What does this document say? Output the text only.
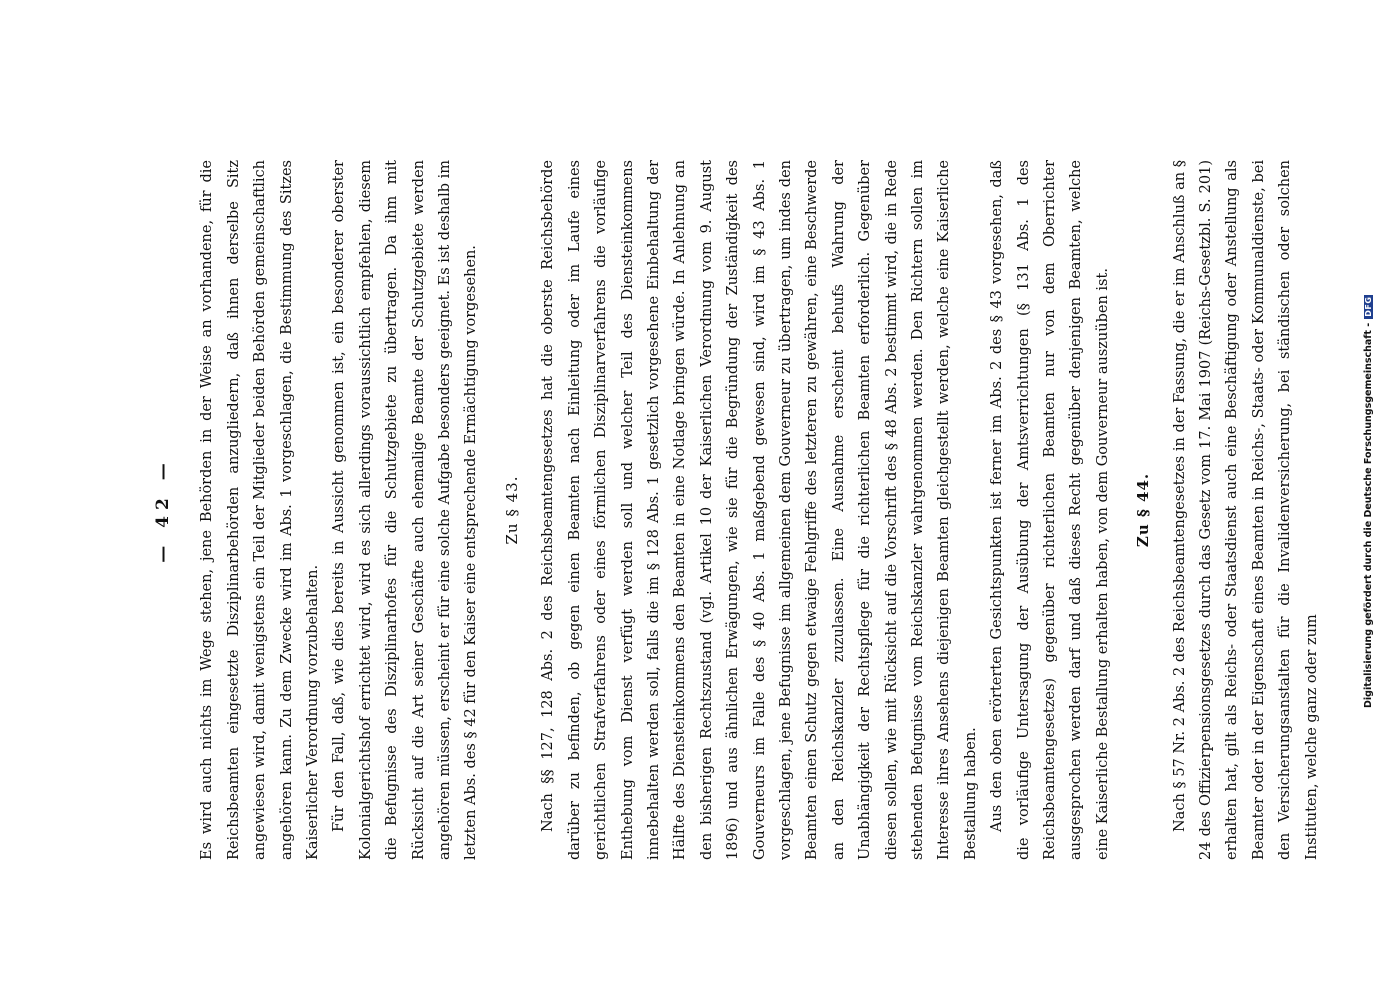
— 42 —	Es wird auch nichts im Wege stehen, jene Behörden in der Weise an vorhandene, für die Reichsbeamten eingesetzte Disziplinarbehörden anzugliedern, daß ihnen derselbe Sitz angewiesen wird, damit wenigstens ein Teil der Mitglieder beiden Behörden gemeinschaftlich angehören kann. Zu dem Zwecke wird im Abs. 1 vorgeschlagen, die Bestimmung des Sitzes Kaiserlicher Verordnung vorzubehalten. Für den Fall, daß, wie dies bereits in Aussicht genommen ist, ein besonderer oberster Kolonialgerichtshof errichtet wird, wird es sich allerdings voraussichtlich empfehlen, diesem die Befugnisse des Disziplinarhofes für die Schutzgebiete zu übertragen. Da ihm mit Rücksicht auf die Art seiner Geschäfte auch ehemalige Beamte der Schutzgebiete werden angehören müssen, erscheint er für eine solche Aufgabe besonders geeignet. Es ist deshalb im letzten Abs. des § 42 für den Kaiser eine entsprechende Ermächtigung vorgesehen.	Zu § 43.	Nach §§ 127, 128 Abs. 2 des Reichsbeamtengesetzes hat die oberste Reichsbehörde darüber zu befinden, ob gegen einen Beamten nach Einleitung oder im Laufe eines gerichtlichen Strafverfahrens oder eines förmlichen Disziplinarverfahrens die vorläufige Enthebung vom Dienst verfügt werden soll und welcher Teil des Diensteinkommens innebehalten werden soll, falls die im § 128 Abs. 1 gesetzlich vorgesehene Einbehaltung der Hälfte des Diensteinkommens den Beamten in eine Notlage bringen würde. In Anlehnung an den bisherigen Rechtszustand (vgl. Artikel 10 der Kaiserlichen Verordnung vom 9. August 1896) und aus ähnlichen Erwägungen, wie sie für die Begründung der Zuständigkeit des Gouverneurs im Falle des § 40 Abs. 1 maßgebend gewesen sind, wird im § 43 Abs. 1 vorgeschlagen, jene Befugnisse im allgemeinen dem Gouverneur zu übertragen, um indes den Beamten einen Schutz gegen etwaige Fehlgriffe des letzteren zu gewähren, eine Beschwerde an den Reichskanzler zuzulassen. Eine Ausnahme erscheint behufs Wahrung der Unabhängigkeit der Rechtspflege für die richterlichen Beamten erforderlich. Gegenüber diesen sollen, wie mit Rücksicht auf die Vorschrift des § 48 Abs. 2 bestimmt wird, die in Rede stehenden Befugnisse vom Reichskanzler wahrgenommen werden. Den Richtern sollen im Interesse ihres Ansehens diejenigen Beamten gleichgestellt werden, welche eine Kaiserliche Bestallung haben. Aus den oben erörterten Gesichtspunkten ist ferner im Abs. 2 des § 43 vorgesehen, daß die vorläufige Untersagung der Ausübung der Amtsverrichtungen (§ 131 Abs. 1 des Reichsbeamtengesetzes) gegenüber richterlichen Beamten nur von dem Oberrichter ausgesprochen werden darf und daß dieses Recht gegenüber denjenigen Beamten, welche eine Kaiserliche Bestallung erhalten haben, von dem Gouverneur auszuüben ist.	Zu § 44.	Nach § 57 Nr. 2 Abs. 2 des Reichsbeamtengesetzes in der Fassung, die er im Anschluß an § 24 des Offizierpensionsgesetzes durch das Gesetz vom 17. Mai 1907 (Reichs-Gesetzbl. S. 201) erhalten hat, gilt als Reichs- oder Staatsdienst auch eine Beschäftigung oder Anstellung als Beamter oder in der Eigenschaft eines Beamten in Reichs-, Staats- oder Kommunaldienste, bei den Versicherungsanstalten für die Invalidenversicherung, bei ständischen oder solchen Instituten, welche ganz oder zum

Digitalisierung gefördert durch die Deutsche Forschungsgemeinschaft -DFG
